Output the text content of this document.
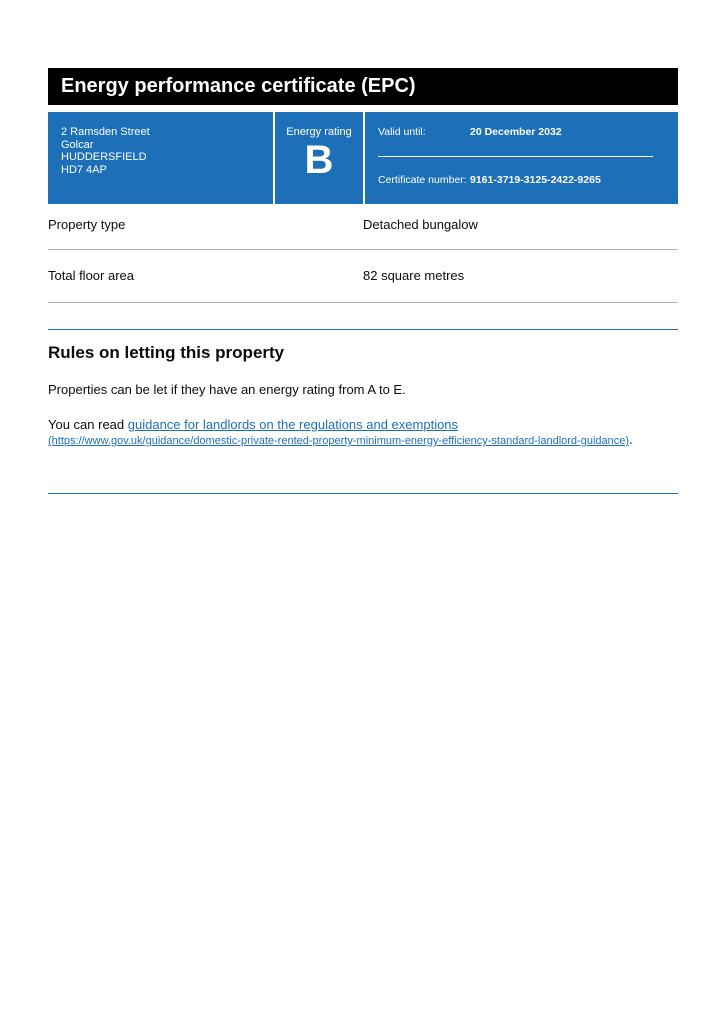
Energy performance certificate (EPC)
2 Ramsden Street
Golcar
HUDDERSFIELD
HD7 4AP
Energy rating
B
Valid until:	20 December 2032
Certificate number: 9161-3719-3125-2422-9265
Property type	Detached bungalow
Total floor area	82 square metres
Rules on letting this property
Properties can be let if they have an energy rating from A to E.
You can read guidance for landlords on the regulations and exemptions
(https://www.gov.uk/guidance/domestic-private-rented-property-minimum-energy-efficiency-standard-landlord-guidance).
